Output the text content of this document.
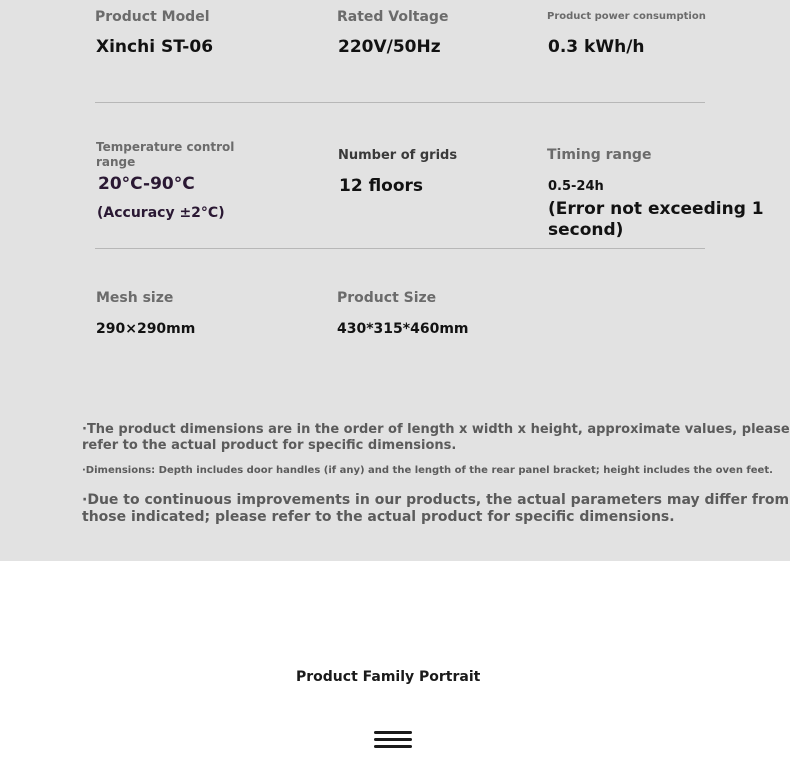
Product Model
Xinchi ST-06
Rated Voltage
220V/50Hz
Product power consumption
0.3 kWh/h
Temperature control
range
20°C-90°C
(Accuracy ±2°C)
Number of grids
12 floors
Timing range
0.5-24h
(Error not exceeding 1
second)
Mesh size
290×290mm
Product Size
430*315*460mm
·The product dimensions are in the order of length x width x height, approximate values, please
refer to the actual product for specific dimensions.
·Dimensions: Depth includes door handles (if any) and the length of the rear panel bracket; height includes the oven feet.
·Due to continuous improvements in our products, the actual parameters may differ from
those indicated; please refer to the actual product for specific dimensions.
Product Family Portrait
